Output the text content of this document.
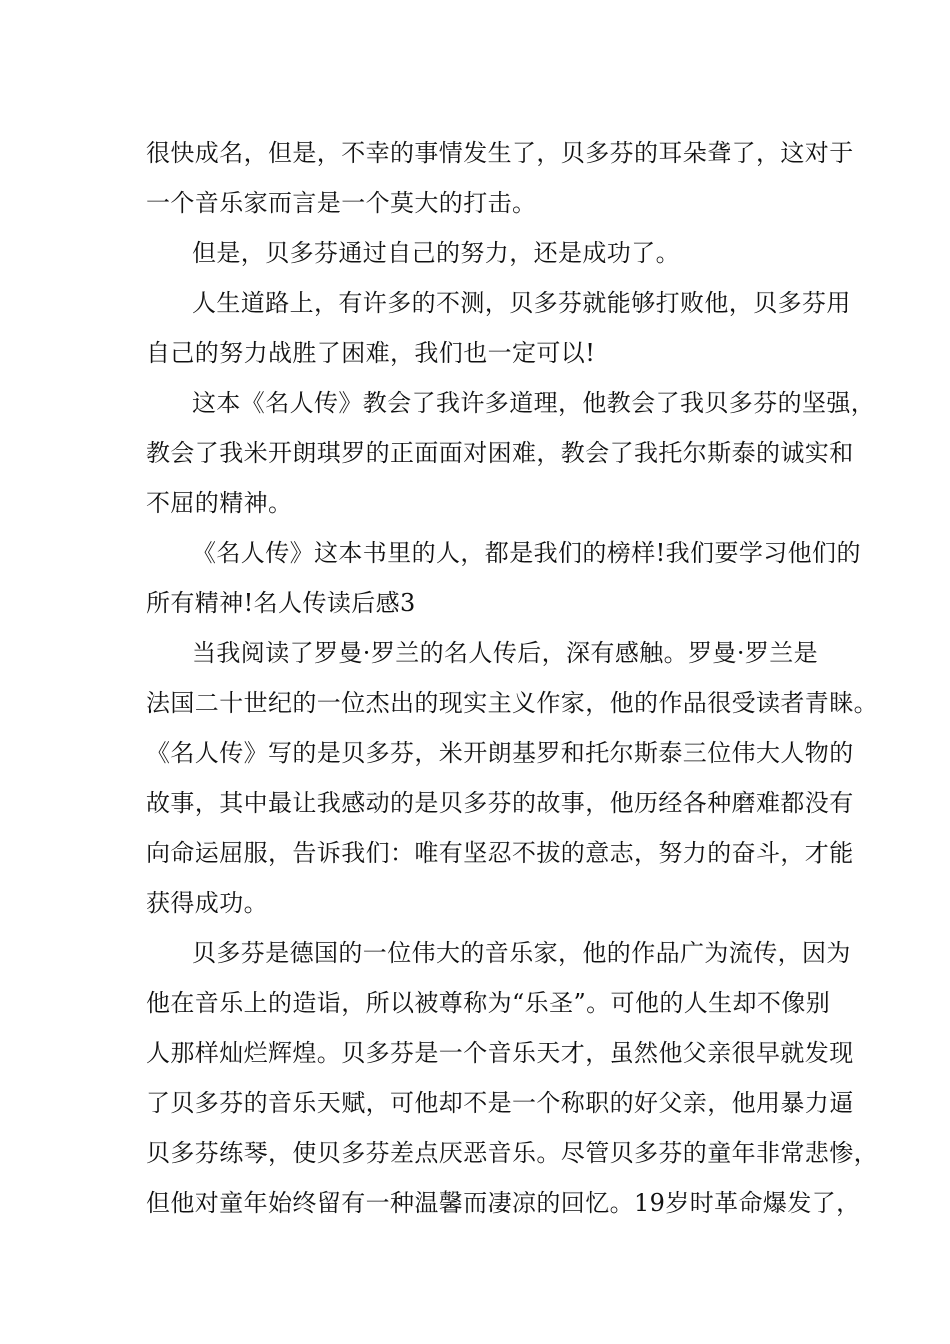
很快成名，但是，不幸的事情发生了，贝多芬的耳朵聋了，这对于

一个音乐家而言是一个莫大的打击。

但是，贝多芬通过自己的努力，还是成功了。

人生道路上，有许多的不测，贝多芬就能够打败他，贝多芬用

自己的努力战胜了困难，我们也一定可以!

这本《名人传》教会了我许多道理，他教会了我贝多芬的坚强，

教会了我米开朗琪罗的正面面对困难，教会了我托尔斯泰的诚实和

不屈的精神。

《名人传》这本书里的人，都是我们的榜样!我们要学习他们的

所有精神!名人传读后感3

当我阅读了罗曼·罗兰的名人传后，深有感触。罗曼·罗兰是

法国二十世纪的一位杰出的现实主义作家，他的作品很受读者青睐。

《名人传》写的是贝多芬，米开朗基罗和托尔斯泰三位伟大人物的

故事，其中最让我感动的是贝多芬的故事，他历经各种磨难都没有

向命运屈服，告诉我们：唯有坚忍不拔的意志，努力的奋斗，才能

获得成功。

贝多芬是德国的一位伟大的音乐家，他的作品广为流传，因为

他在音乐上的造诣，所以被尊称为“乐圣”。可他的人生却不像别

人那样灿烂辉煌。贝多芬是一个音乐天才，虽然他父亲很早就发现

了贝多芬的音乐天赋，可他却不是一个称职的好父亲，他用暴力逼

贝多芬练琴，使贝多芬差点厌恶音乐。尽管贝多芬的童年非常悲惨，

但他对童年始终留有一种温馨而凄凉的回忆。19岁时革命爆发了，
